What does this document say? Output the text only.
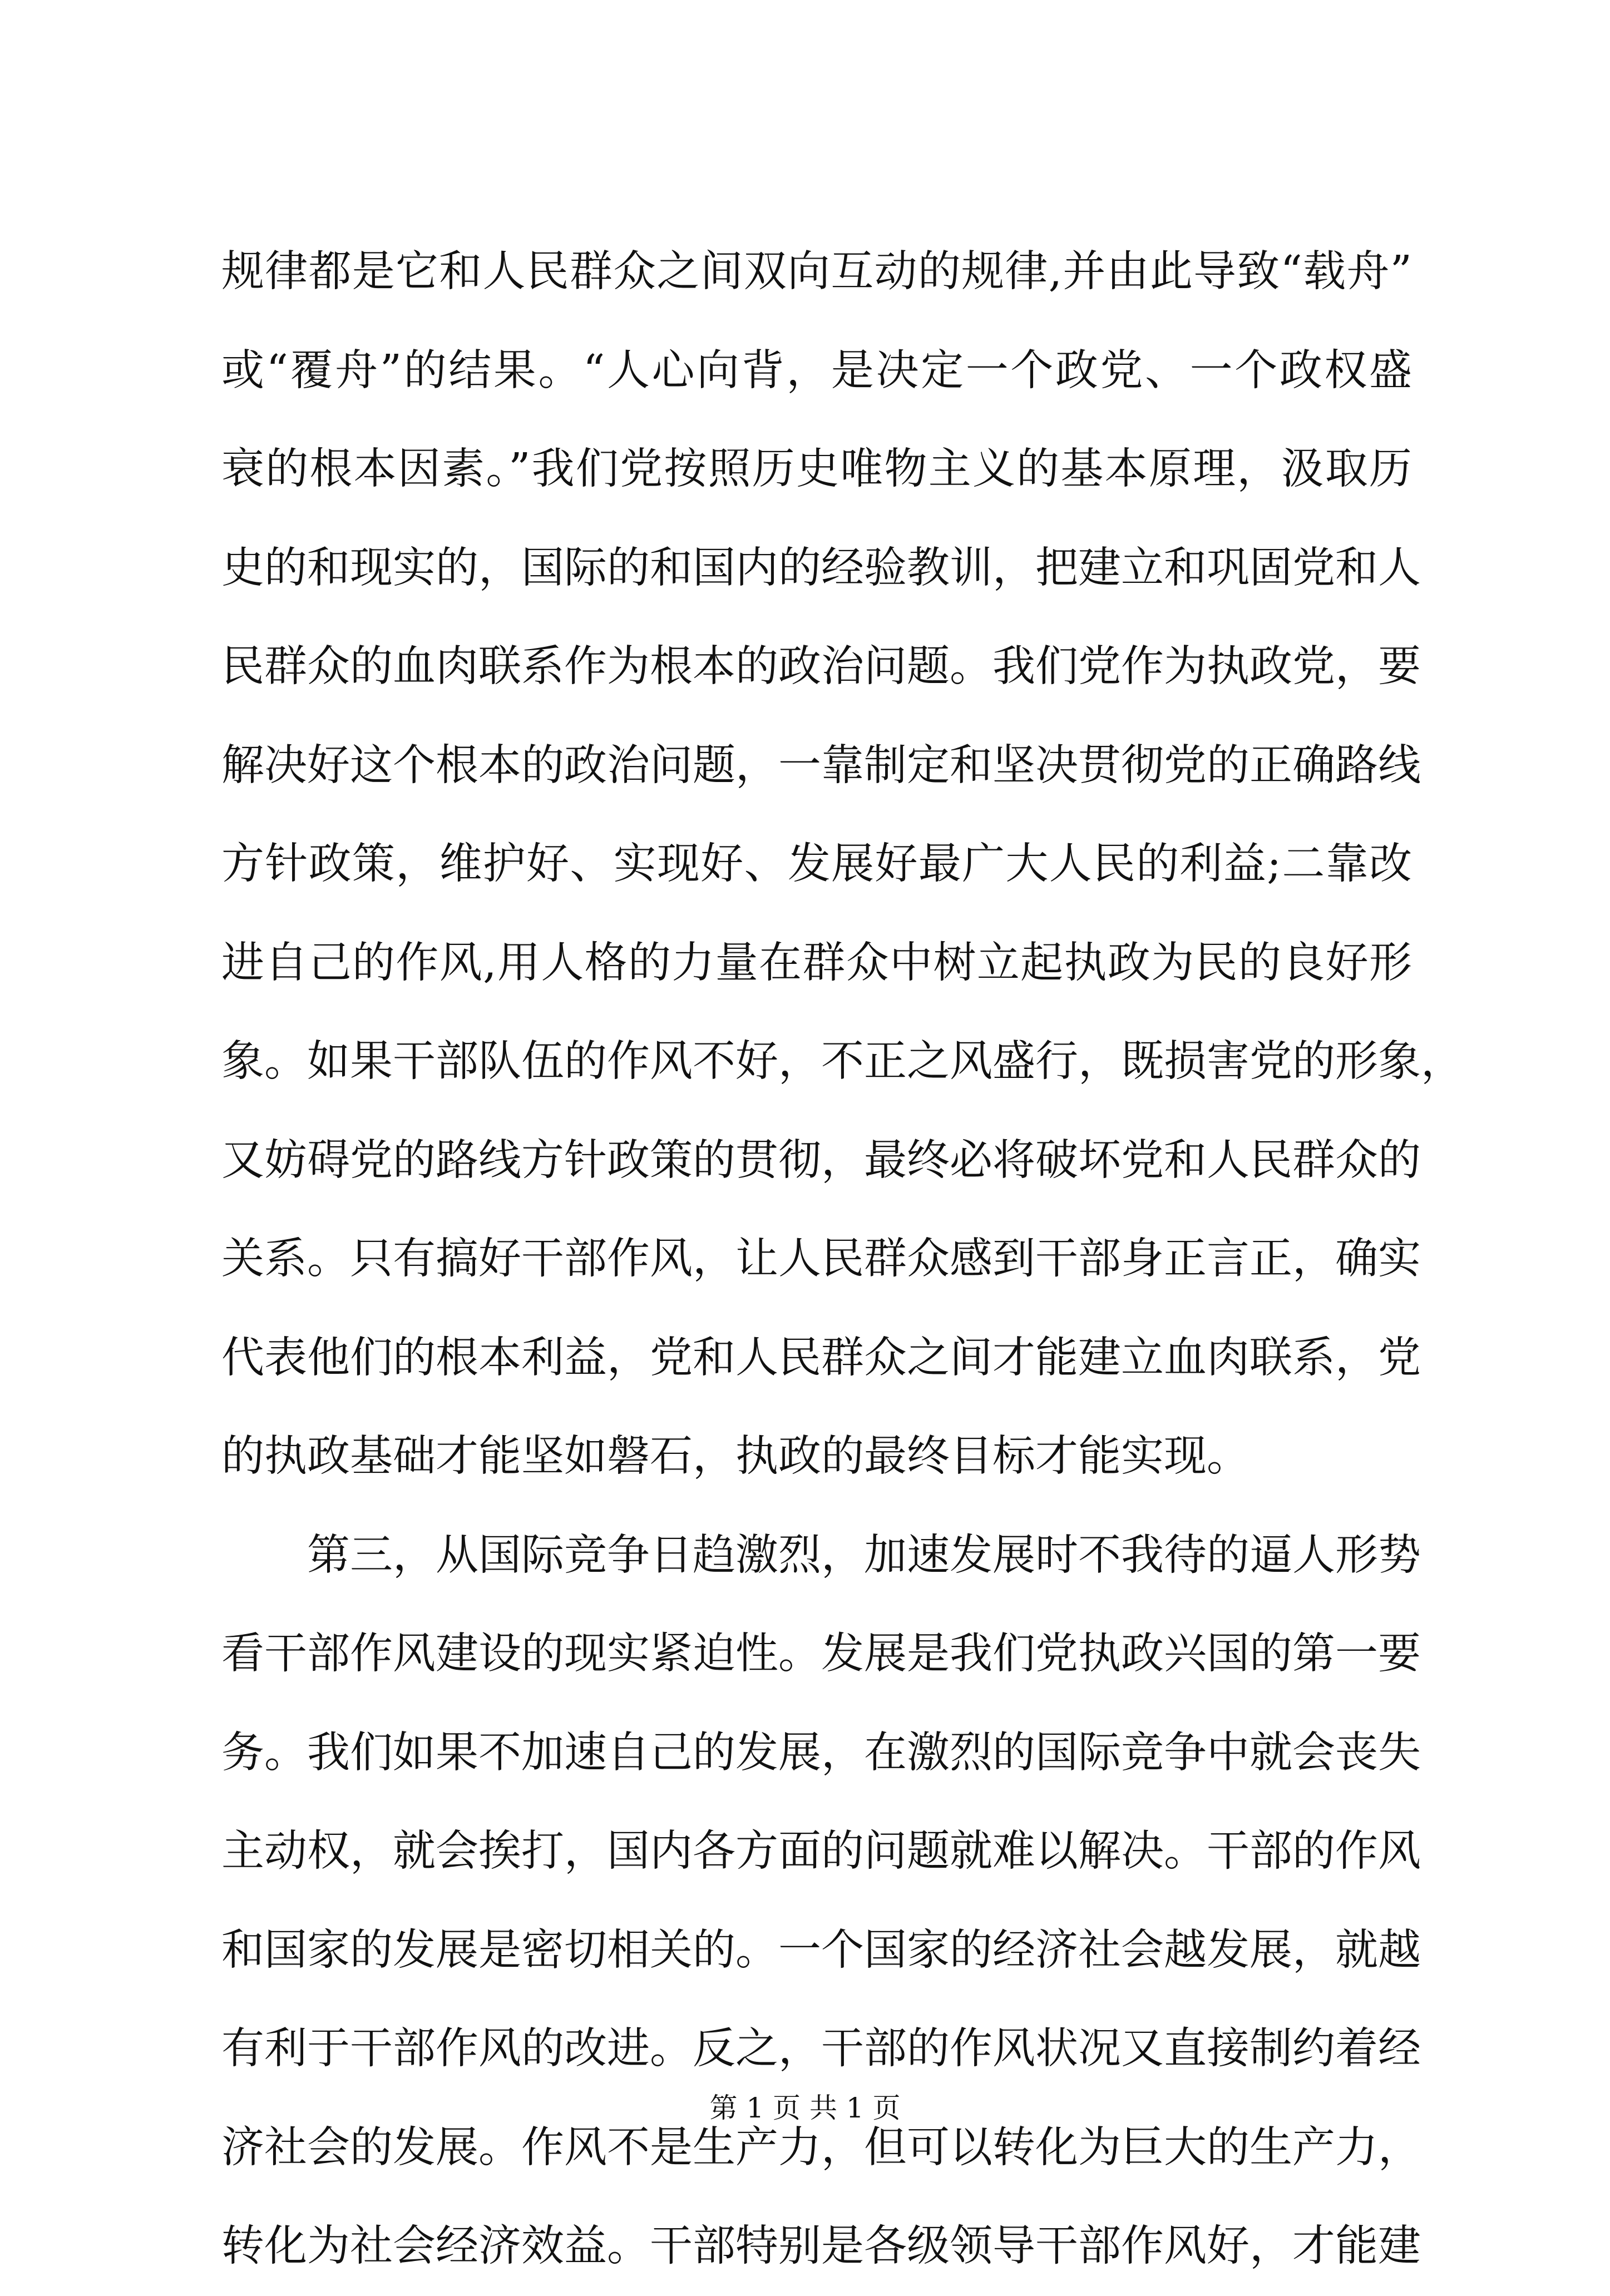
规律都是它和人民群众之间双向互动的规律,并由此导致“载舟”
或“覆舟”的结果。“人心向背，是决定一个政党、一个政权盛
衰的根本因素。”我们党按照历史唯物主义的基本原理，汲取历
史的和现实的，国际的和国内的经验教训，把建立和巩固党和人
民群众的血肉联系作为根本的政治问题。我们党作为执政党，要
解决好这个根本的政治问题，一靠制定和坚决贯彻党的正确路线
方针政策，维护好、实现好、发展好最广大人民的利益;二靠改
进自己的作风,用人格的力量在群众中树立起执政为民的良好形
象。如果干部队伍的作风不好，不正之风盛行，既损害党的形象，
又妨碍党的路线方针政策的贯彻，最终必将破坏党和人民群众的
关系。只有搞好干部作风，让人民群众感到干部身正言正，确实
代表他们的根本利益，党和人民群众之间才能建立血肉联系，党
的执政基础才能坚如磐石，执政的最终目标才能实现。
第三，从国际竞争日趋激烈，加速发展时不我待的逼人形势
看干部作风建设的现实紧迫性。发展是我们党执政兴国的第一要
务。我们如果不加速自己的发展，在激烈的国际竞争中就会丧失
主动权，就会挨打，国内各方面的问题就难以解决。干部的作风
和国家的发展是密切相关的。一个国家的经济社会越发展，就越
有利于干部作风的改进。反之，干部的作风状况又直接制约着经
济社会的发展。作风不是生产力，但可以转化为巨大的生产力，
转化为社会经济效益。干部特别是各级领导干部作风好，才能建
第 1 页 共 1 页
